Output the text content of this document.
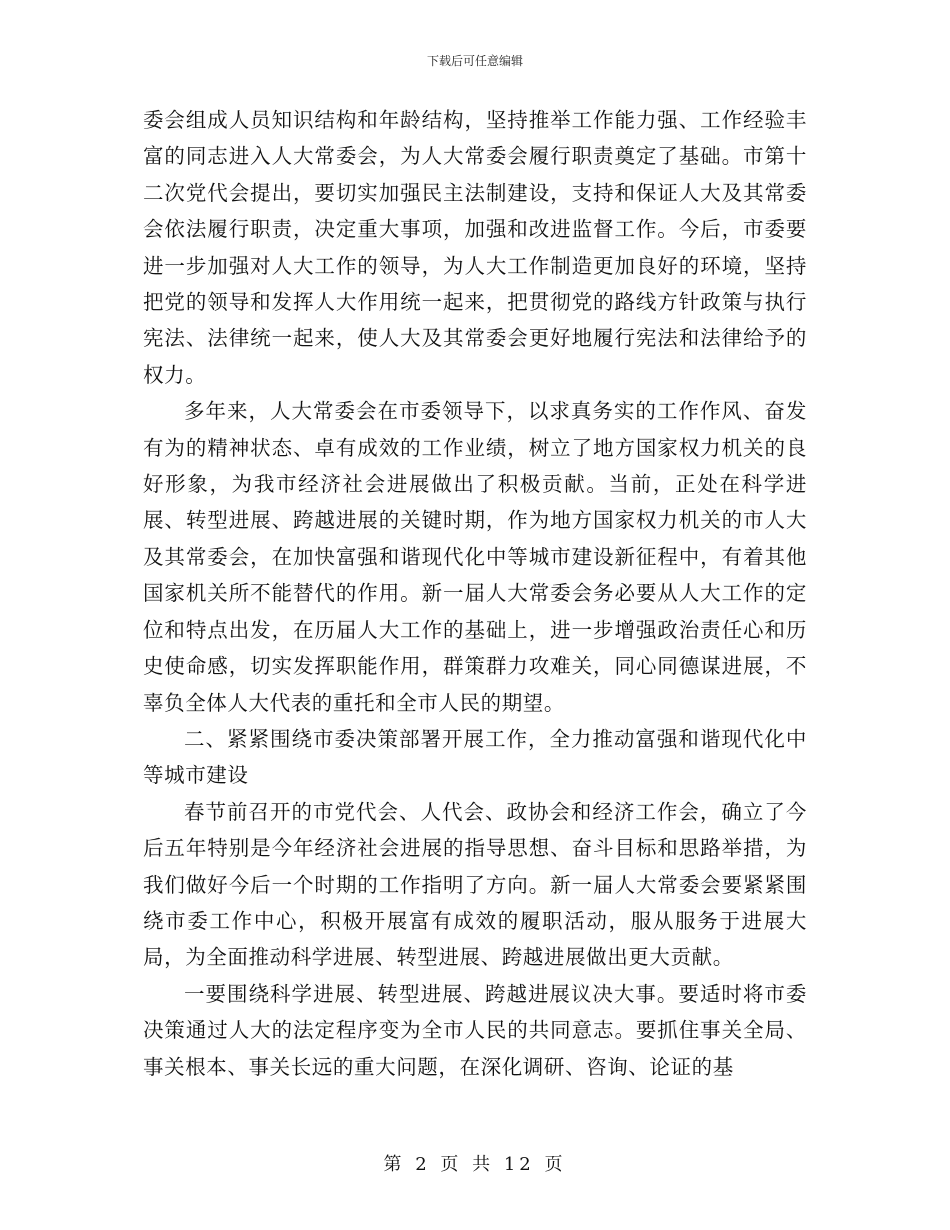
下载后可任意编辑

委会组成人员知识结构和年龄结构，坚持推举工作能力强、工作经验丰富的同志进入人大常委会，为人大常委会履行职责奠定了基础。市第十二次党代会提出，要切实加强民主法制建设，支持和保证人大及其常委会依法履行职责，决定重大事项，加强和改进监督工作。今后，市委要进一步加强对人大工作的领导，为人大工作制造更加良好的环境，坚持把党的领导和发挥人大作用统一起来，把贯彻党的路线方针政策与执行宪法、法律统一起来，使人大及其常委会更好地履行宪法和法律给予的权力。

多年来，人大常委会在市委领导下，以求真务实的工作作风、奋发有为的精神状态、卓有成效的工作业绩，树立了地方国家权力机关的良好形象，为我市经济社会进展做出了积极贡献。当前，正处在科学进展、转型进展、跨越进展的关键时期，作为地方国家权力机关的市人大及其常委会，在加快富强和谐现代化中等城市建设新征程中，有着其他国家机关所不能替代的作用。新一届人大常委会务必要从人大工作的定位和特点出发，在历届人大工作的基础上，进一步增强政治责任心和历史使命感，切实发挥职能作用，群策群力攻难关，同心同德谋进展，不辜负全体人大代表的重托和全市人民的期望。

二、紧紧围绕市委决策部署开展工作，全力推动富强和谐现代化中等城市建设

春节前召开的市党代会、人代会、政协会和经济工作会，确立了今后五年特别是今年经济社会进展的指导思想、奋斗目标和思路举措，为我们做好今后一个时期的工作指明了方向。新一届人大常委会要紧紧围绕市委工作中心，积极开展富有成效的履职活动，服从服务于进展大局，为全面推动科学进展、转型进展、跨越进展做出更大贡献。

一要围绕科学进展、转型进展、跨越进展议决大事。要适时将市委决策通过人大的法定程序变为全市人民的共同意志。要抓住事关全局、事关根本、事关长远的重大问题，在深化调研、咨询、论证的基

第 2 页 共 12 页
